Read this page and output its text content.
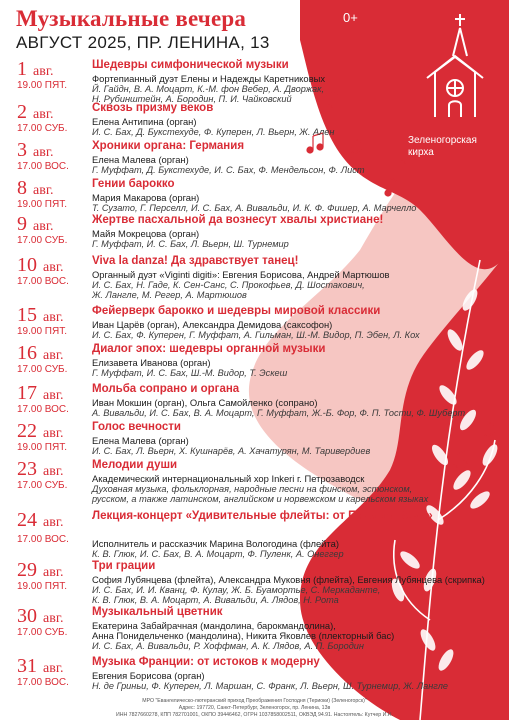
Музыкальные вечера
АВГУСТ 2025, ПР. ЛЕНИНА, 13
0+
Зеленогорская
кирха
1 авг.
19.00 ПЯТ.
Шедевры симфонической музыки
Фортепианный дуэт Елены и Надежды Каретниковых
Й. Гайдн, В. А. Моцарт, К.-М. фон Вебер, А. Дворжак,
Н. Рубинштейн, А. Бородин, П. И. Чайковский
2 авг.
17.00 СУБ.
Сквозь призму веков
Елена Антипина (орган)
И. С. Бах, Д. Букстехуде, Ф. Куперен, Л. Вьерн, Ж. Ален
3 авг.
17.00 ВОС.
Хроники органа: Германия
Елена Малева (орган)
Г. Муффат, Д. Букстехуде, И. С. Бах, Ф. Мендельсон, Ф. Лист
8 авг.
19.00 ПЯТ.
Гении барокко
Мария Макарова (орган)
Т. Сузато, Г. Перселл, И. С. Бах, А. Вивальди, И. К. Ф. Фишер, А. Марчелло
9 авг.
17.00 СУБ.
Жертве пасхальной да вознесут хвалы христиане!
Майя Мокрецова (орган)
Г. Муффат, И. С. Бах, Л. Вьерн, Ш. Турнемир
10 авг.
17.00 ВОС.
Viva la danza! Да здравствует танец!
Органный дуэт «Viginti digiti»: Евгения Борисова, Андрей Мартюшов
И. С. Бах, Н. Гаде, К. Сен-Санс, С. Прокофьев, Д. Шостакович,
Ж. Лангле, М. Регер, А. Мартюшов
15 авг.
19.00 ПЯТ.
Фейерверк барокко и шедевры мировой классики
Иван Царёв (орган), Александра Демидова (саксофон)
И. С. Бах, Ф. Куперен, Г. Муффат, А. Гильман, Ш.-М. Видор, П. Эбен, Л. Кох
16 авг.
17.00 СУБ.
Диалог эпох: шедевры органной музыки
Елизавета Иванова (орган)
Г. Муффат, И. С. Бах, Ш.-М. Видор, Т. Эскеш
17 авг.
17.00 ВОС.
Мольба сопрано и органа
Иван Мокшин (орган), Ольга Самойленко (сопрано)
А. Вивальди, И. С. Бах, В. А. Моцарт, Г. Муффат, Ж.-Б. Фор, Ф. П. Тости, Ф. Шуберт
22 авг.
19.00 ПЯТ.
Голос вечности
Елена Малева (орган)
И. С. Бах, Л. Вьерн, Х. Кушнарёв, А. Хачатурян, М. Таривердиев
23 авг.
17.00 СУБ.
Мелодии души
Академический интернациональный хор Inkeri г. Петрозаводск
Духовная музыка, фольклорная, народные песни на финском, эстонском,
русском, а также латинском, английском и норвежском и карельском языках
24 авг.
17.00 ВОС.
Лекция-концерт «Удивительные флейты: от Пана до Бёма»
Исполнитель и рассказчик Марина Вологодина (флейта)
К. В. Глюк, И. С. Бах, В. А. Моцарт, Ф. Пуленк, А. Онеггер
29 авг.
19.00 ПЯТ.
Три грации
София Лубянцева (флейта), Александра Муковня (флейта), Евгения Лубянцева (скрипка)
И. С. Бах, И. И. Кванц, Ф. Кулау, Ж. Б. Буамортье, С. Меркаданте,
К. В. Глюк, В. А. Моцарт, А. Вивальди, А. Лядов, Н. Рота
30 авг.
17.00 СУБ.
Музыкальный цветник
Екатерина Забайрачная (мандолина, барокмандолина),
Анна Понидельченко (мандолина), Никита Яковлев (плекторный бас)
И. С. Бах, А. Вивальди, Р. Хоффман, А. К. Лядов, А. П. Бородин
31 авг.
17.00 ВОС.
Музыка Франции: от истоков к модерну
Евгения Борисова (орган)
Н. де Гриньи, Ф. Куперен, Л. Маршан, С. Франк, Л. Вьерн, Ш. Турнемир, Ж. Лангле
МРО "Евангелическо-лютеранский приход Преображения Господня (Териоки) (Зеленогорск)"
Адрес: 197720, Санкт-Петербург, Зеленогорск, пр. Ленина, 13в
ИНН 7827660278, КПП 782701001, ОКПО 39446462, ОГРН 1037858002511, ОКВЭД 94.91. Настоятель: Кутчер И.Н.
